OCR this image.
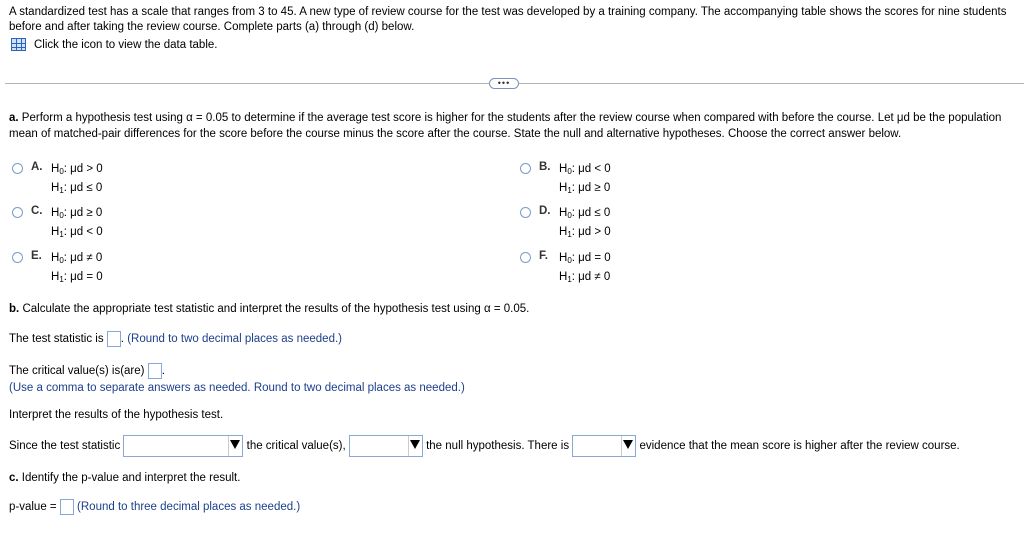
A standardized test has a scale that ranges from 3 to 45. A new type of review course for the test was developed by a training company. The accompanying table shows the scores for nine students before and after taking the review course. Complete parts (a) through (d) below.
Click the icon to view the data table.
•••
a. Perform a hypothesis test using α = 0.05 to determine if the average test score is higher for the students after the review course when compared with before the course. Let μd be the population mean of matched-pair differences for the score before the course minus the score after the course. State the null and alternative hypotheses. Choose the correct answer below.
A. $H_0$: μd > 0
$H_1$: μd ≤ 0
B. $H_0$: μd < 0
$H_1$: μd ≥ 0
C. $H_0$: μd ≥ 0
$H_1$: μd < 0
D. $H_0$: μd ≤ 0
$H_1$: μd > 0
E. $H_0$: μd ≠ 0
$H_1$: μd = 0
F. $H_0$: μd = 0
$H_1$: μd ≠ 0
b. Calculate the appropriate test statistic and interpret the results of the hypothesis test using α = 0.05.
The test statistic is . (Round to two decimal places as needed.)
The critical value(s) is(are) .
(Use a comma to separate answers as needed. Round to two decimal places as needed.)
Interpret the results of the hypothesis test.
Since the test statistic	the critical value(s),	the null hypothesis. There is	evidence that the mean score is higher after the review course.
c. Identify the p-value and interpret the result.
p-value = (Round to three decimal places as needed.)
